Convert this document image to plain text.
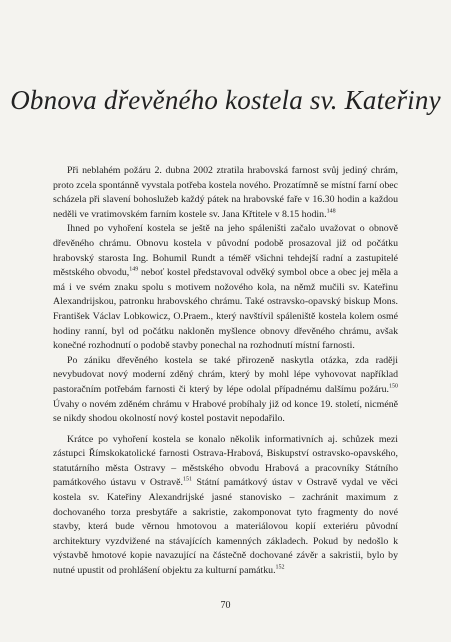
Obnova dřevěného kostela sv. Kateřiny

Při neblahém požáru 2. dubna 2002 ztratila hrabovská farnost svůj jediný chrám, proto zcela spontánně vyvstala potřeba kostela nového. Prozatímně se místní farní obec scházela při slavení bohoslužeb každý pátek na hrabovské faře v 16.30 hodin a každou neděli ve vratimovském farním kostele sv. Jana Křtitele v 8.15 hodin.$^{148}$

Ihned po vyhoření kostela se ještě na jeho spáleništi začalo uvažovat o obnově dřevěného chrámu. Obnovu kostela v původní podobě prosazoval již od počátku hrabovský starosta Ing. Bohumil Rundt a téměř všichni tehdejší radní a zastupitelé městského obvodu,$^{149}$ neboť kostel představoval odvěký symbol obce a obec jej měla a má i ve svém znaku spolu s motivem nožového kola, na němž mučili sv. Kateřinu Alexandrijskou, patronku hrabovského chrámu. Také ostravsko-opavský biskup Mons. František Václav Lobkowicz, O.Praem., který navštívil spáleniště kostela kolem osmé hodiny ranní, byl od počátku nakloněn myšlence obnovy dřevěného chrámu, avšak konečné rozhodnutí o podobě stavby ponechal na rozhodnutí místní farnosti.

Po zániku dřevěného kostela se také přirozeně naskytla otázka, zda raději nevybudovat nový moderní zděný chrám, který by mohl lépe vyhovovat například pastoračním potřebám farnosti či který by lépe odolal případnému dalšímu požáru.$^{150}$ Úvahy o novém zděném chrámu v Hrabové probíhaly již od konce 19. století, nicméně se nikdy shodou okolností nový kostel postavit nepodařilo.

Krátce po vyhoření kostela se konalo několik informativních aj. schůzek mezi zástupci Římskokatolické farnosti Ostrava-Hrabová, Biskupství ostravsko-opavského, statutárního města Ostravy – městského obvodu Hrabová a pracovníky Státního památkového ústavu v Ostravě.$^{151}$ Státní památkový ústav v Ostravě vydal ve věci kostela sv. Kateřiny Alexandrijské jasné stanovisko – zachránit maximum z dochovaného torza presbytáře a sakristie, zakomponovat tyto fragmenty do nové stavby, která bude věrnou hmotovou a materiálovou kopií exteriéru původní architektury vyzdvižené na stávajících kamenných základech. Pokud by nedošlo k výstavbě hmotové kopie navazující na částečně dochované závěr a sakristii, bylo by nutné upustit od prohlášení objektu za kulturní památku.$^{152}$

70
